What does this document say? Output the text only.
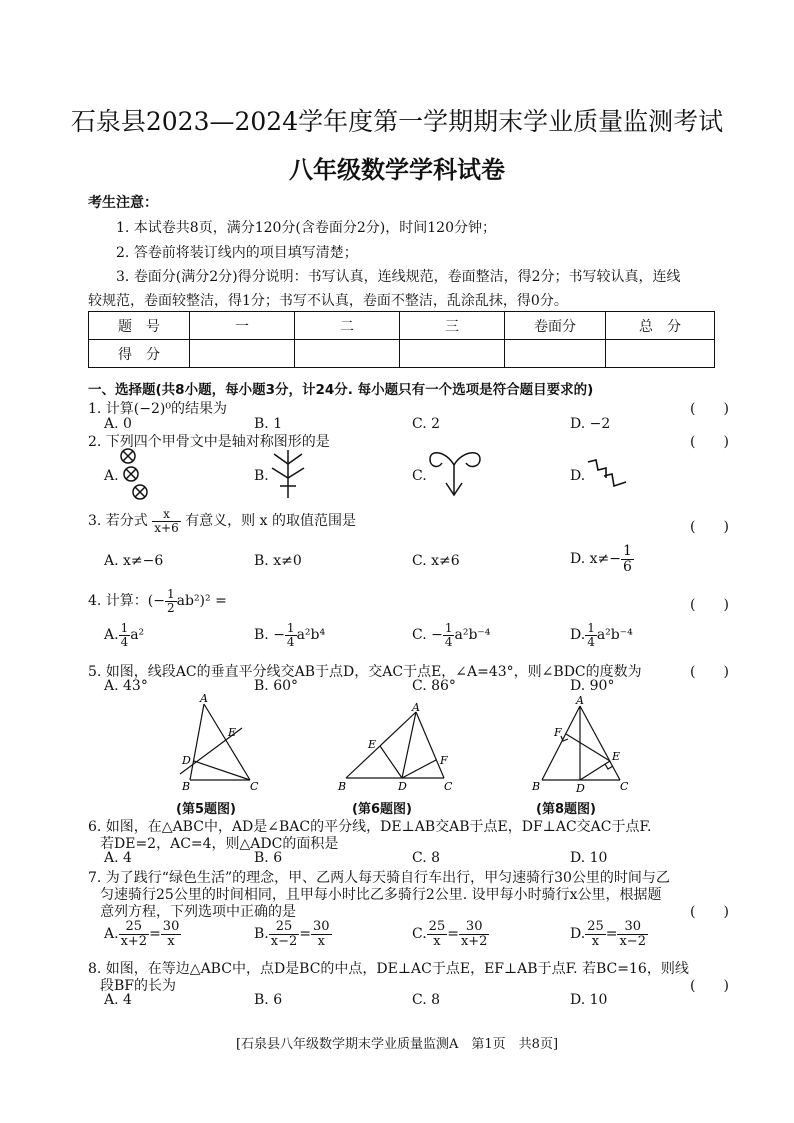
石泉县2023—2024学年度第一学期期末学业质量监测考试
八年级数学学科试卷
考生注意：
1. 本试卷共8页，满分120分(含卷面分2分)，时间120分钟；
2. 答卷前将装订线内的项目填写清楚；
3. 卷面分(满分2分)得分说明：书写认真，连线规范，卷面整洁，得2分；书写较认真，连线
较规范，卷面较整洁，得1分；书写不认真，卷面不整洁，乱涂乱抹，得0分。
题　号	一	二	三	卷面分	总　分
得　分					
一、选择题(共8小题，每小题3分，计24分. 每小题只有一个选项是符合题目要求的)
1. 计算(−2)⁰的结果为	(　　)
A. 0	B. 1	C. 2	D. −2
2. 下列四个甲骨文中是轴对称图形的是	(　　)
A.	B.	C.	D.
3. 若分式 $\frac{x}{x+6}$ 有意义，则 x 的取值范围是	(　　)
A. x≠−6	B. x≠0	C. x≠6	D. $x\ne- \frac{1}{6}$
4. 计算：(− $\frac{1}{2} ab^2)^2$ =	(　　)
A. $\frac{1}{4} a^2$	B. − $\frac{1}{4} a^2b^4$	C. − $\frac{1}{4} a^2b^{-4}$	D. $\frac{1}{4} a^2b^{-4}$
5. 如图，线段AC的垂直平分线交AB于点D，交AC于点E，∠A=43°，则∠BDC的度数为	(　　)
A. 43°	B. 60°	C. 86°	D. 90°
A
E
D
B	C
(第5题图)
A
E
F
B	D	C
(第6题图)
A
F
E
B	D	C
(第8题图)
6. 如图，在△ABC中，AD是∠BAC的平分线，DE⊥AB交AB于点E，DF⊥AC交AC于点F.
若DE=2，AC=4，则△ADC的面积是
A. 4	B. 6	C. 8	D. 10
7. 为了践行“绿色生活”的理念，甲、乙两人每天骑自行车出行，甲匀速骑行30公里的时间与乙
匀速骑行25公里的时间相同，且甲每小时比乙多骑行2公里. 设甲每小时骑行x公里，根据题
意列方程，下列选项中正确的是	(　　)
A. $\frac{25}{x+2} = \frac{30}{x}$	B. $\frac{25}{x-2} = \frac{30}{x}$	C. $\frac{25}{x} = \frac{30}{x+2}$	D. $\frac{25}{x} = \frac{30}{x-2}$
8. 如图，在等边△ABC中，点D是BC的中点，DE⊥AC于点E，EF⊥AB于点F. 若BC=16，则线
段BF的长为	(　　)
A. 4	B. 6	C. 8	D. 10
[石泉县八年级数学期末学业质量监测A　第1页　共8页]
